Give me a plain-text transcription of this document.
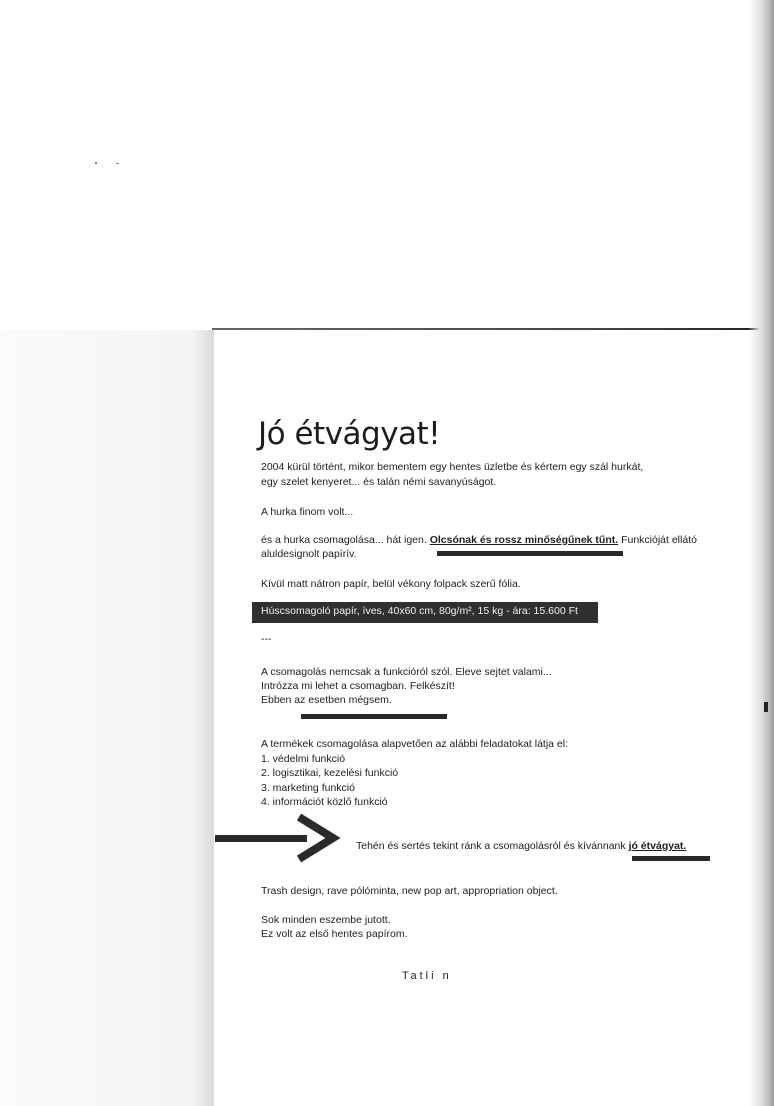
Jó étvágyat!

2004 kürül történt, mikor bementem egy hentes üzletbe és kértem egy szál hurkát,

egy szelet kenyeret... és talán némi savanyúságot.

A hurka finom volt...

és a hurka csomagolása... hát igen. Olcsónak és rossz minőségűnek tűnt. Funkcióját ellátó

aluldesignolt papírív.

Kívül matt nátron papír, belül vékony folpack szerű fólia.

Húscsomagoló papír, íves, 40x60 cm, 80g/m², 15 kg - ára: 15.600 Ft

---

A csomagolás nemcsak a funkcióról szól. Eleve sejtet valami...

Intrózza mi lehet a csomagban. Felkészít!

Ebben az esetben mégsem.

A termékek csomagolása alapvetően az alábbi feladatokat látja el:

1. védelmi funkció

2. logisztikai, kezelési funkció

3. marketing funkció

4. információt közlő funkció

Tehén és sertés tekint ránk a csomagolásról és kívánnank jó étvágyat.

Trash design, rave pólóminta, new pop art, appropriation object.

Sok minden eszembe jutott.

Ez volt az első hentes papírom.

Tatli n
